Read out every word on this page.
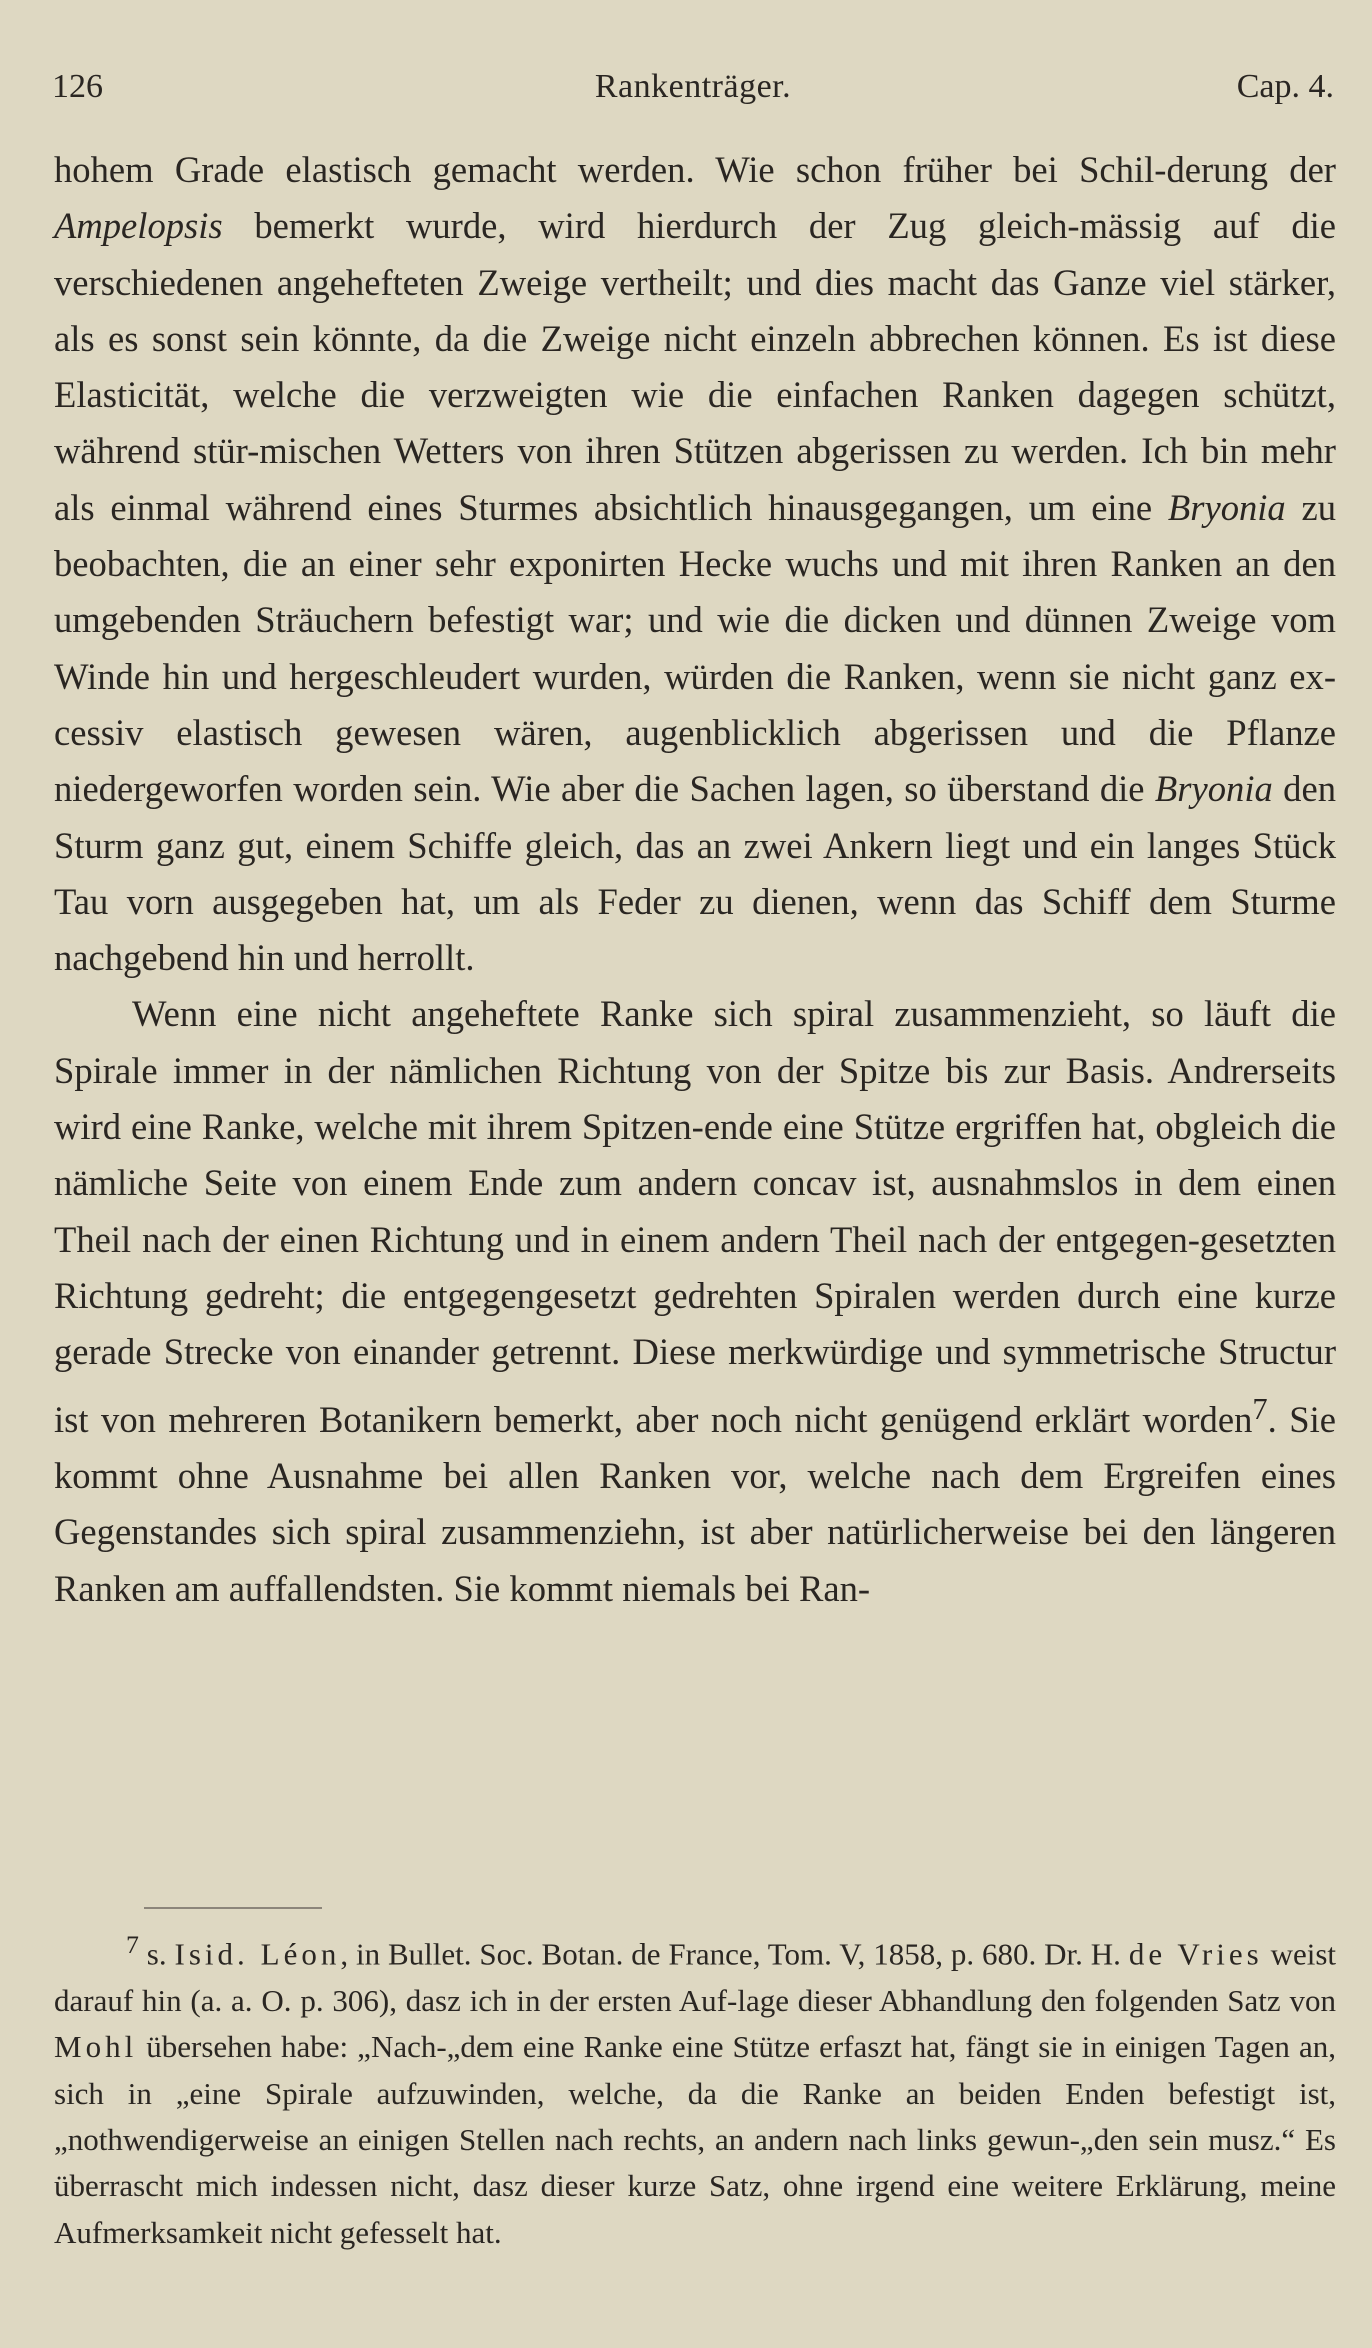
Rankenträger.
126	Cap. 4.

hohem Grade elastisch gemacht werden. Wie schon früher bei Schil-derung der Ampelopsis bemerkt wurde, wird hierdurch der Zug gleich-mässig auf die verschiedenen angehefteten Zweige vertheilt; und dies macht das Ganze viel stärker, als es sonst sein könnte, da die Zweige nicht einzeln abbrechen können. Es ist diese Elasticität, welche die verzweigten wie die einfachen Ranken dagegen schützt, während stür-mischen Wetters von ihren Stützen abgerissen zu werden. Ich bin mehr als einmal während eines Sturmes absichtlich hinausgegangen, um eine Bryonia zu beobachten, die an einer sehr exponirten Hecke wuchs und mit ihren Ranken an den umgebenden Sträuchern befestigt war; und wie die dicken und dünnen Zweige vom Winde hin und hergeschleudert wurden, würden die Ranken, wenn sie nicht ganz ex-cessiv elastisch gewesen wären, augenblicklich abgerissen und die Pflanze niedergeworfen worden sein. Wie aber die Sachen lagen, so überstand die Bryonia den Sturm ganz gut, einem Schiffe gleich, das an zwei Ankern liegt und ein langes Stück Tau vorn ausgegeben hat, um als Feder zu dienen, wenn das Schiff dem Sturme nachgebend hin und herrollt.

Wenn eine nicht angeheftete Ranke sich spiral zusammenzieht, so läuft die Spirale immer in der nämlichen Richtung von der Spitze bis zur Basis. Andrerseits wird eine Ranke, welche mit ihrem Spitzen-ende eine Stütze ergriffen hat, obgleich die nämliche Seite von einem Ende zum andern concav ist, ausnahmslos in dem einen Theil nach der einen Richtung und in einem andern Theil nach der entgegen-gesetzten Richtung gedreht; die entgegengesetzt gedrehten Spiralen werden durch eine kurze gerade Strecke von einander getrennt. Diese merkwürdige und symmetrische Structur ist von mehreren Botanikern bemerkt, aber noch nicht genügend erklärt worden$^7$. Sie kommt ohne Ausnahme bei allen Ranken vor, welche nach dem Ergreifen eines Gegenstandes sich spiral zusammenziehn, ist aber natürlicherweise bei den längeren Ranken am auffallendsten. Sie kommt niemals bei Ran-

$^7$ s. Isid. Léon, in Bullet. Soc. Botan. de France, Tom. V, 1858, p. 680. Dr. H. de Vries weist darauf hin (a. a. O. p. 306), dasz ich in der ersten Auf-lage dieser Abhandlung den folgenden Satz von Mohl übersehen habe: „Nach-„dem eine Ranke eine Stütze erfaszt hat, fängt sie in einigen Tagen an, sich in „eine Spirale aufzuwinden, welche, da die Ranke an beiden Enden befestigt ist, „nothwendigerweise an einigen Stellen nach rechts, an andern nach links gewun-„den sein musz.“ Es überrascht mich indessen nicht, dasz dieser kurze Satz, ohne irgend eine weitere Erklärung, meine Aufmerksamkeit nicht gefesselt hat.
